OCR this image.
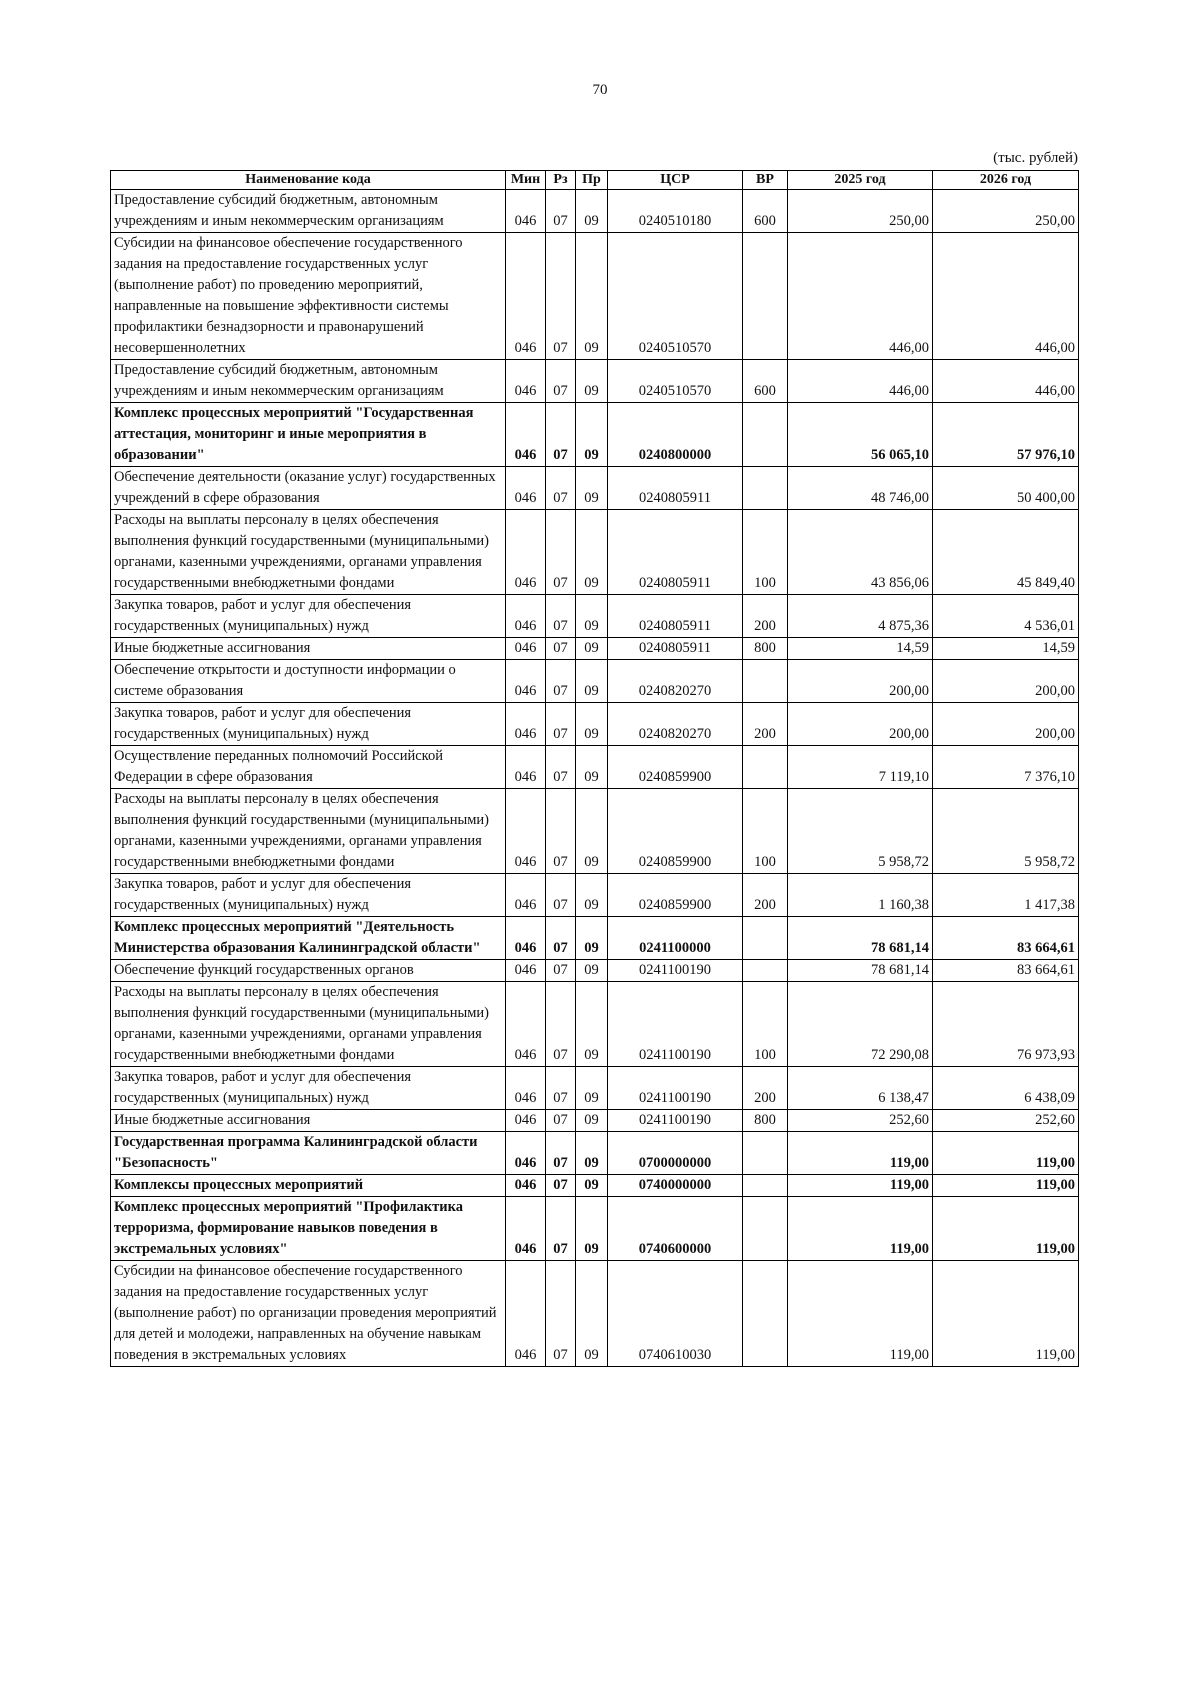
70
(тыс. рублей)
Наименование кода	Мин	Рз	Пр	ЦСР	ВР	2025 год	2026 год
Предоставление субсидий бюджетным, автономным учреждениям и иным некоммерческим организациям	046	07	09	0240510180	600	250,00	250,00
Субсидии на финансовое обеспечение государственного задания на предоставление государственных услуг (выполнение работ) по проведению мероприятий, направленные на повышение эффективности системы профилактики безнадзорности и правонарушений несовершеннолетних	046	07	09	0240510570		446,00	446,00
Предоставление субсидий бюджетным, автономным учреждениям и иным некоммерческим организациям	046	07	09	0240510570	600	446,00	446,00
Комплекс процессных мероприятий "Государственная аттестация, мониторинг и иные мероприятия в образовании"	046	07	09	0240800000		56 065,10	57 976,10
Обеспечение деятельности (оказание услуг) государственных учреждений в сфере образования	046	07	09	0240805911		48 746,00	50 400,00
Расходы на выплаты персоналу в целях обеспечения выполнения функций государственными (муниципальными) органами, казенными учреждениями, органами управления государственными внебюджетными фондами	046	07	09	0240805911	100	43 856,06	45 849,40
Закупка товаров, работ и услуг для обеспечения государственных (муниципальных) нужд	046	07	09	0240805911	200	4 875,36	4 536,01
Иные бюджетные ассигнования	046	07	09	0240805911	800	14,59	14,59
Обеспечение открытости и доступности информации о системе образования	046	07	09	0240820270		200,00	200,00
Закупка товаров, работ и услуг для обеспечения государственных (муниципальных) нужд	046	07	09	0240820270	200	200,00	200,00
Осуществление переданных полномочий Российской Федерации в сфере образования	046	07	09	0240859900		7 119,10	7 376,10
Расходы на выплаты персоналу в целях обеспечения выполнения функций государственными (муниципальными) органами, казенными учреждениями, органами управления государственными внебюджетными фондами	046	07	09	0240859900	100	5 958,72	5 958,72
Закупка товаров, работ и услуг для обеспечения государственных (муниципальных) нужд	046	07	09	0240859900	200	1 160,38	1 417,38
Комплекс процессных мероприятий "Деятельность Министерства образования Калининградской области"	046	07	09	0241100000		78 681,14	83 664,61
Обеспечение функций государственных органов	046	07	09	0241100190		78 681,14	83 664,61
Расходы на выплаты персоналу в целях обеспечения выполнения функций государственными (муниципальными) органами, казенными учреждениями, органами управления государственными внебюджетными фондами	046	07	09	0241100190	100	72 290,08	76 973,93
Закупка товаров, работ и услуг для обеспечения государственных (муниципальных) нужд	046	07	09	0241100190	200	6 138,47	6 438,09
Иные бюджетные ассигнования	046	07	09	0241100190	800	252,60	252,60
Государственная программа Калининградской области "Безопасность"	046	07	09	0700000000		119,00	119,00
Комплексы процессных мероприятий	046	07	09	0740000000		119,00	119,00
Комплекс процессных мероприятий "Профилактика терроризма, формирование навыков поведения в экстремальных условиях"	046	07	09	0740600000		119,00	119,00
Субсидии на финансовое обеспечение государственного задания на предоставление государственных услуг (выполнение работ) по организации проведения мероприятий для детей и молодежи, направленных на обучение навыкам поведения в экстремальных условиях	046	07	09	0740610030		119,00	119,00
